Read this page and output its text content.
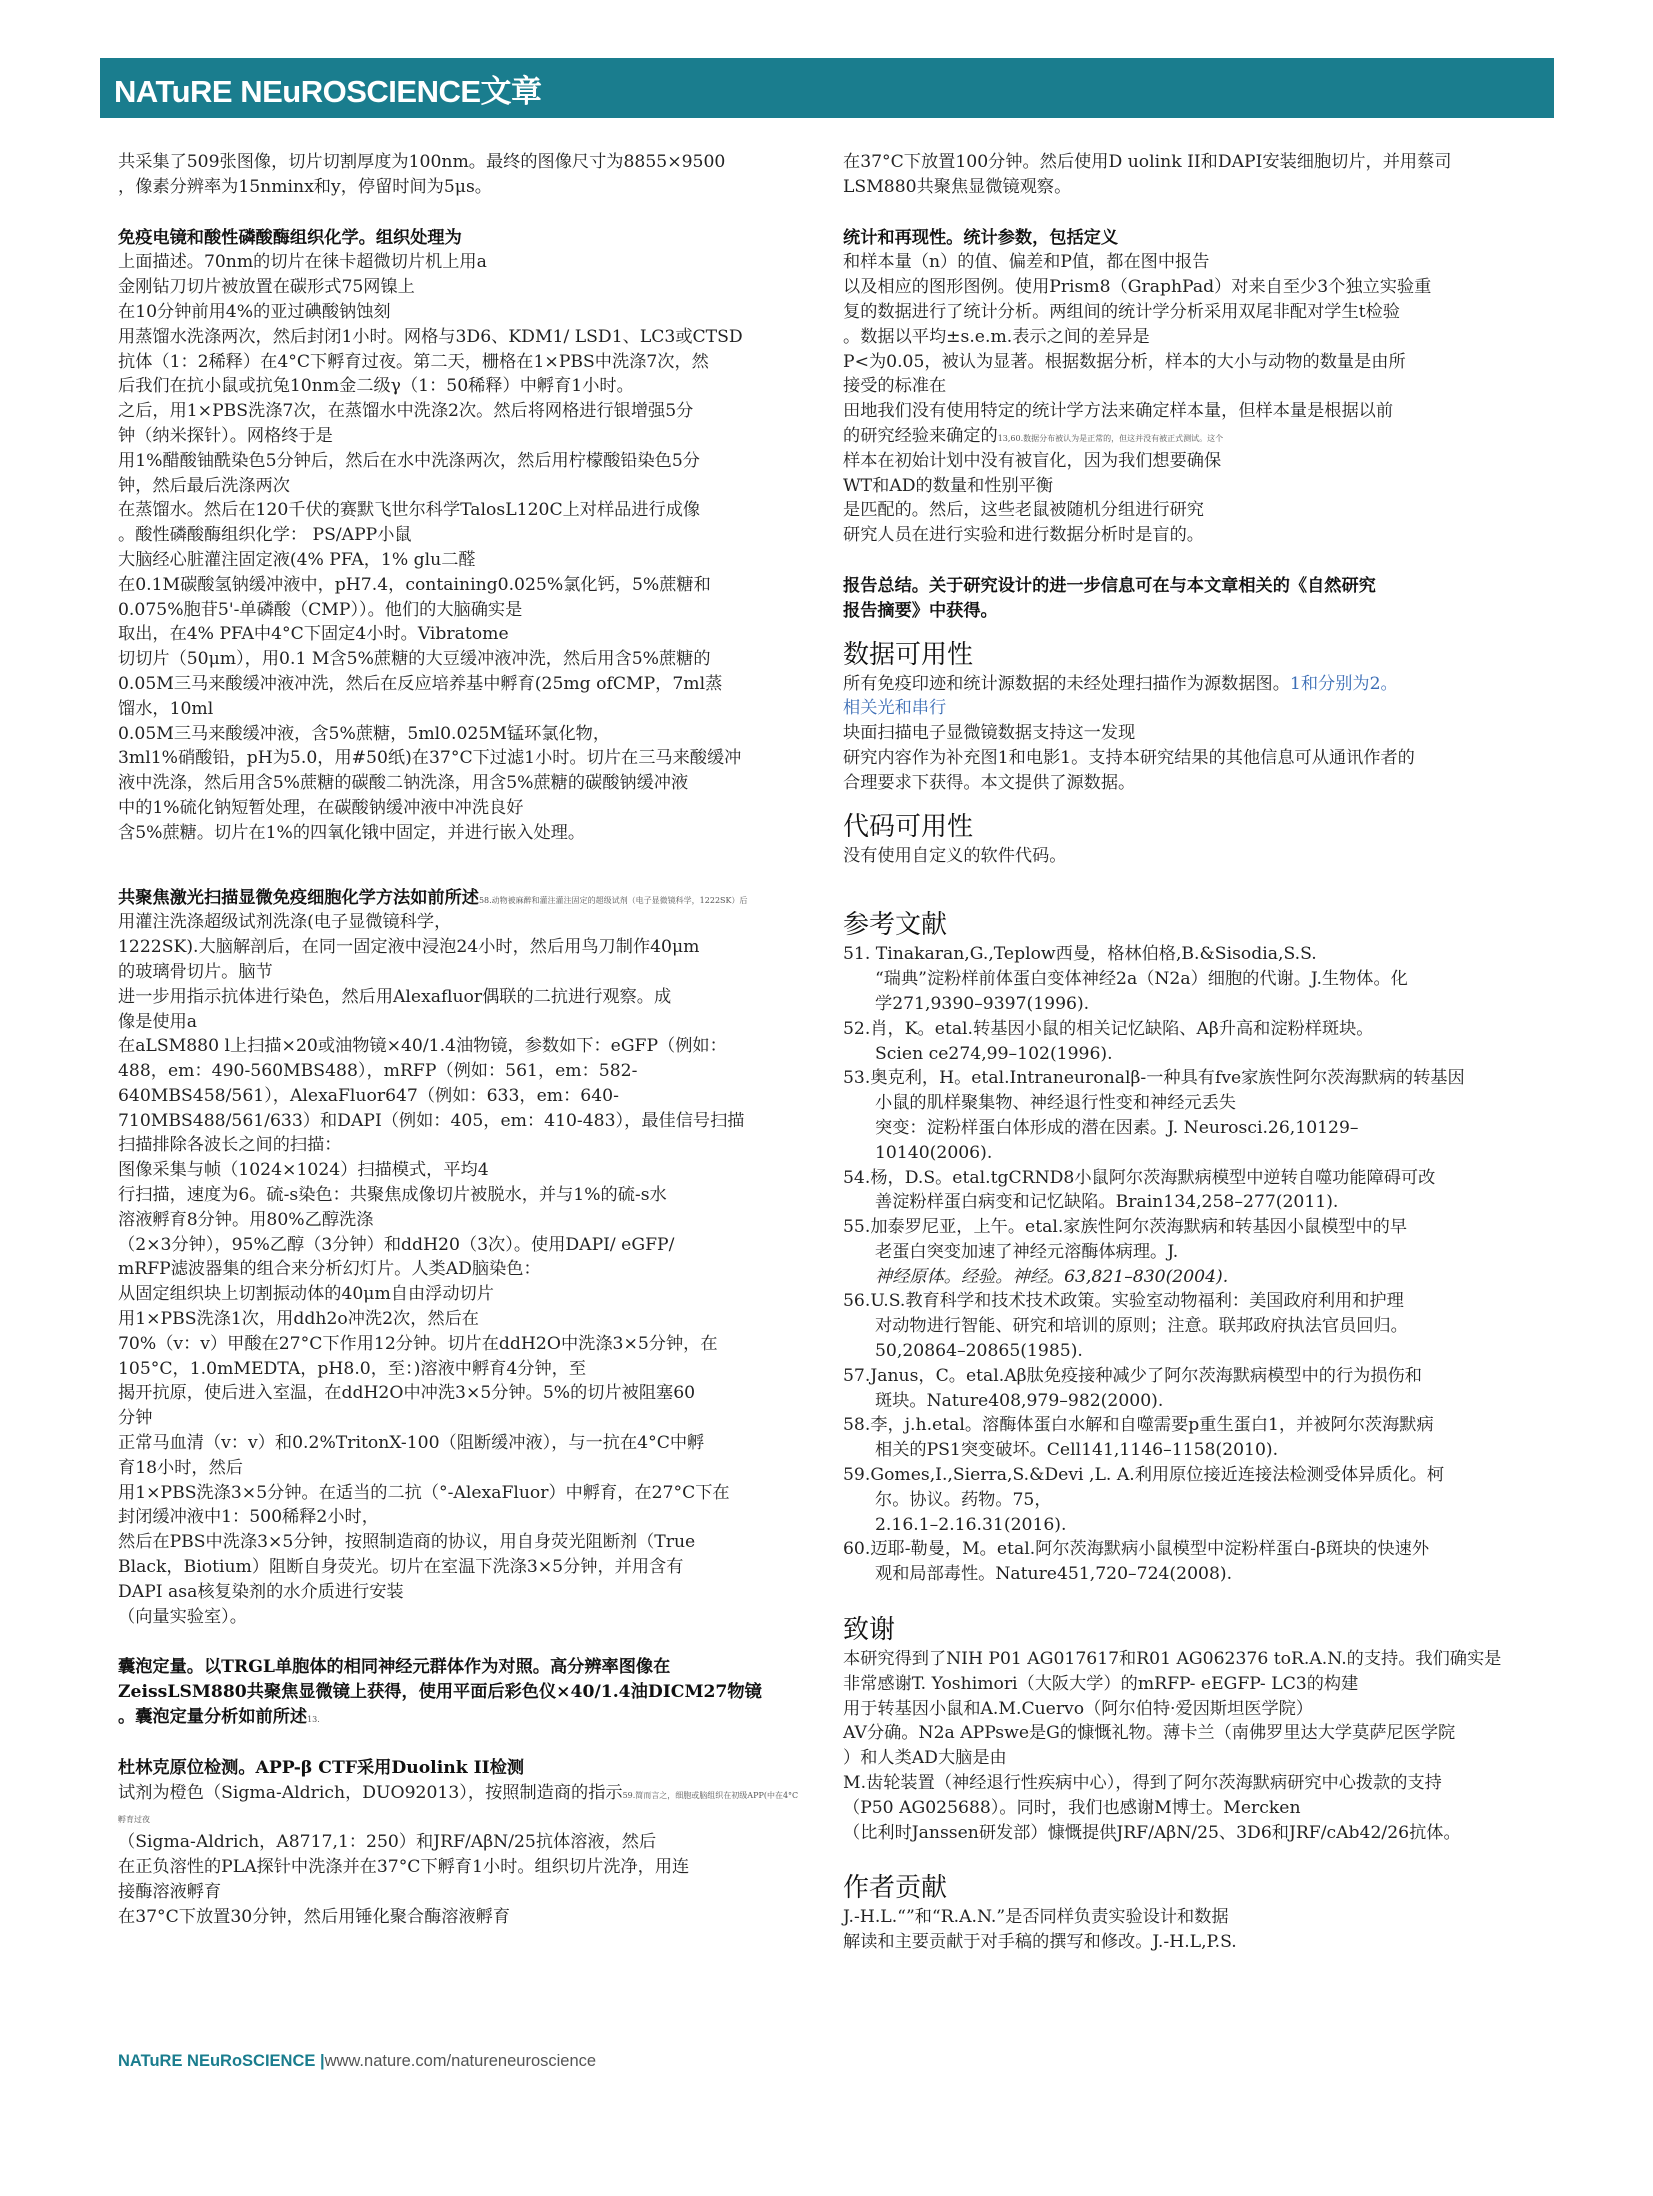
NATuRE NEuROSCIENCE文章

共采集了509张图像，切片切割厚度为100nm。最终的图像尺寸为8855×9500

，像素分辨率为15nminx和y，停留时间为5μs。

免疫电镜和酸性磷酸酶组织化学。组织处理为

上面描述。70nm的切片在徕卡超微切片机上用a

金刚钻刀切片被放置在碳形式75网镍上

在10分钟前用4%的亚过碘酸钠蚀刻

用蒸馏水洗涤两次，然后封闭1小时。网格与3D6、KDM1/ LSD1、LC3或CTSD

抗体（1：2稀释）在4°C下孵育过夜。第二天，栅格在1×PBS中洗涤7次，然

后我们在抗小鼠或抗兔10nm金二级γ（1：50稀释）中孵育1小时。

之后，用1×PBS洗涤7次，在蒸馏水中洗涤2次。然后将网格进行银增强5分

钟（纳米探针）。网格终于是

用1%醋酸铀酰染色5分钟后，然后在水中洗涤两次，然后用柠檬酸铅染色5分

钟，然后最后洗涤两次

在蒸馏水。然后在120千伏的赛默飞世尔科学TalosL120C上对样品进行成像

。酸性磷酸酶组织化学： PS/APP小鼠

大脑经心脏灌注固定液(4% PFA，1% glu二醛

在0.1M碳酸氢钠缓冲液中，pH7.4，containing0.025%氯化钙，5%蔗糖和

0.075%胞苷5'-单磷酸（CMP））。他们的大脑确实是

取出，在4% PFA中4°C下固定4小时。Vibratome

切切片（50μm），用0.1 M含5%蔗糖的大豆缓冲液冲洗，然后用含5%蔗糖的

0.05M三马来酸缓冲液冲洗，然后在反应培养基中孵育(25mg ofCMP，7ml蒸

馏水，10ml

0.05M三马来酸缓冲液，含5%蔗糖，5ml0.025M锰环氯化物，

3ml1%硝酸铅，pH为5.0，用#50纸)在37°C下过滤1小时。切片在三马来酸缓冲

液中洗涤，然后用含5%蔗糖的碳酸二钠洗涤，用含5%蔗糖的碳酸钠缓冲液

中的1%硫化钠短暂处理，在碳酸钠缓冲液中冲洗良好

含5%蔗糖。切片在1%的四氧化锇中固定，并进行嵌入处理。

共聚焦激光扫描显微免疫细胞化学方法如前所述58.动物被麻醉和灌注灌注固定的超级试剂（电子显微镜科学，1222SK）后

用灌注洗涤超级试剂洗涤(电子显微镜科学，

1222SK).大脑解剖后，在同一固定液中浸泡24小时，然后用鸟刀制作40μm

的玻璃骨切片。脑节

进一步用指示抗体进行染色，然后用Alexafluor偶联的二抗进行观察。成

像是使用a

在aLSM880 l上扫描×20或油物镜×40/1.4油物镜，参数如下：eGFP（例如：

488，em：490-560MBS488），mRFP（例如：561，em：582-

640MBS458/561），AlexaFluor647（例如：633，em：640-

710MBS488/561/633）和DAPI（例如：405，em：410-483），最佳信号扫描

扫描排除各波长之间的扫描：

图像采集与帧（1024×1024）扫描模式，平均4

行扫描，速度为6。硫-s染色：共聚焦成像切片被脱水，并与1%的硫-s水

溶液孵育8分钟。用80%乙醇洗涤

（2×3分钟），95%乙醇（3分钟）和ddH20（3次）。使用DAPI/ eGFP/

mRFP滤波器集的组合来分析幻灯片。人类AD脑染色：

从固定组织块上切割振动体的40μm自由浮动切片

用1×PBS洗涤1次，用ddh2o冲洗2次，然后在

70%（v：v）甲酸在27°C下作用12分钟。切片在ddH2O中洗涤3×5分钟，在

105°C，1.0mMEDTA，pH8.0，至：)溶液中孵育4分钟，至

揭开抗原，使后进入室温，在ddH2O中冲洗3×5分钟。5%的切片被阻塞60

分钟

正常马血清（v：v）和0.2%TritonX-100（阻断缓冲液），与一抗在4°C中孵

育18小时，然后

用1×PBS洗涤3×5分钟。在适当的二抗（°-AlexaFluor）中孵育，在27°C下在

封闭缓冲液中1：500稀释2小时，

然后在PBS中洗涤3×5分钟，按照制造商的协议，用自身荧光阻断剂（True

Black，Biotium）阻断自身荧光。切片在室温下洗涤3×5分钟，并用含有

DAPI asa核复染剂的水介质进行安装

（向量实验室）。

囊泡定量。以TRGL单胞体的相同神经元群体作为对照。高分辨率图像在

ZeissLSM880共聚焦显微镜上获得，使用平面后彩色仪×40/1.4油DICM27物镜

。囊泡定量分析如前所述13.

杜林克原位检测。APP-β CTF采用Duolink II检测

试剂为橙色（Sigma-Aldrich，DUO92013），按照制造商的指示59.简而言之，细胞或脑组织在初级APP(中在4°C孵育过夜

（Sigma-Aldrich，A8717,1：250）和JRF/AβN/25抗体溶液，然后

在正负溶性的PLA探针中洗涤并在37°C下孵育1小时。组织切片洗净，用连

接酶溶液孵育

在37°C下放置30分钟，然后用锤化聚合酶溶液孵育

在37°C下放置100分钟。然后使用D uolink II和DAPI安装细胞切片，并用蔡司

LSM880共聚焦显微镜观察。

统计和再现性。统计参数，包括定义

和样本量（n）的值、偏差和P值，都在图中报告

以及相应的图形图例。使用Prism8（GraphPad）对来自至少3个独立实验重

复的数据进行了统计分析。两组间的统计学分析采用双尾非配对学生t检验

。数据以平均±s.e.m.表示之间的差异是

P<为0.05，被认为显著。根据数据分析，样本的大小与动物的数量是由所

接受的标准在

田地我们没有使用特定的统计学方法来确定样本量，但样本量是根据以前

的研究经验来确定的13,60.数据分布被认为是正常的，但这并没有被正式测试。这个

样本在初始计划中没有被盲化，因为我们想要确保

WT和AD的数量和性别平衡

是匹配的。然后，这些老鼠被随机分组进行研究

研究人员在进行实验和进行数据分析时是盲的。

报告总结。关于研究设计的进一步信息可在与本文章相关的《自然研究

报告摘要》中获得。

数据可用性

所有免疫印迹和统计源数据的未经处理扫描作为源数据图。1和分别为2。

相关光和串行

块面扫描电子显微镜数据支持这一发现

研究内容作为补充图1和电影1。支持本研究结果的其他信息可从通讯作者的

合理要求下获得。本文提供了源数据。

代码可用性

没有使用自定义的软件代码。

参考文献
51. Tinakaran,G.,Teplow西曼，格林伯格,B.&Sisodia,S.S.
“瑞典”淀粉样前体蛋白变体神经2a（N2a）细胞的代谢。J.生物体。化
学271,9390–9397(1996).
52.肖，K。etal.转基因小鼠的相关记忆缺陷、Aβ升高和淀粉样斑块。
Scien ce274,99–102(1996).
53.奥克利，H。etal.Intraneuronalβ-一种具有fve家族性阿尔茨海默病的转基因
小鼠的肌样聚集物、神经退行性变和神经元丢失
突变：淀粉样蛋白体形成的潜在因素。J. Neurosci.26,10129–
10140(2006).
54.杨，D.S。etal.tgCRND8小鼠阿尔茨海默病模型中逆转自噬功能障碍可改
善淀粉样蛋白病变和记忆缺陷。Brain134,258–277(2011).
55.加泰罗尼亚，上午。etal.家族性阿尔茨海默病和转基因小鼠模型中的早
老蛋白突变加速了神经元溶酶体病理。J.
神经原体。经验。神经。63,821–830(2004).
56.U.S.教育科学和技术技术政策。实验室动物福利：美国政府利用和护理
对动物进行智能、研究和培训的原则；注意。联邦政府执法官员回归。
50,20864–20865(1985).
57.Janus，C。etal.Aβ肽免疫接种减少了阿尔茨海默病模型中的行为损伤和
斑块。Nature408,979–982(2000).
58.李，j.h.etal。溶酶体蛋白水解和自噬需要p重生蛋白1，并被阿尔茨海默病
相关的PS1突变破坏。Cell141,1146–1158(2010).
59.Gomes,I.,Sierra,S.&Devi ,L. A.利用原位接近连接法检测受体异质化。柯
尔。协议。药物。75，
2.16.1–2.16.31(2016).
60.迈耶-勒曼，M。etal.阿尔茨海默病小鼠模型中淀粉样蛋白-β斑块的快速外
观和局部毒性。Nature451,720–724(2008).
致谢

本研究得到了NIH P01 AG017617和R01 AG062376 toR.A.N.的支持。我们确实是

非常感谢T. Yoshimori（大阪大学）的mRFP- eEGFP- LC3的构建

用于转基因小鼠和A.M.Cuervo（阿尔伯特·爱因斯坦医学院）

AV分确。N2a APPswe是G的慷慨礼物。薄卡兰（南佛罗里达大学莫萨尼医学院

）和人类AD大脑是由

M.齿轮装置（神经退行性疾病中心），得到了阿尔茨海默病研究中心拨款的支持

（P50 AG025688）。同时，我们也感谢M博士。Mercken

（比利时Janssen研发部）慷慨提供JRF/AβN/25、3D6和JRF/cAb42/26抗体。

作者贡献

J.-H.L.“”和“R.A.N.”是否同样负责实验设计和数据

解读和主要贡献于对手稿的撰写和修改。J.-H.L,P.S.

NATuRE NEuRoSCIENCE |www.nature.com/natureneuroscience
